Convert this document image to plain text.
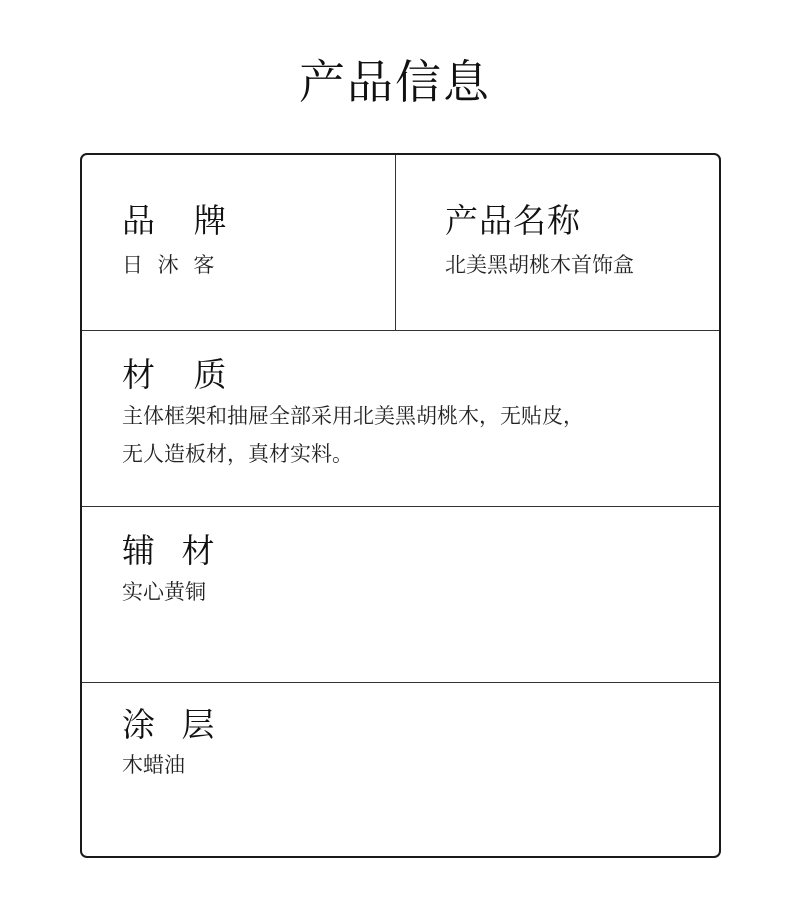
产品信息
品 牌
日 沐 客
产品名称
北美黑胡桃木首饰盒
材 质
主体框架和抽屉全部采用北美黑胡桃木，无贴皮，
无人造板材，真材实料。
辅 材
实心黄铜
涂 层
木蜡油
